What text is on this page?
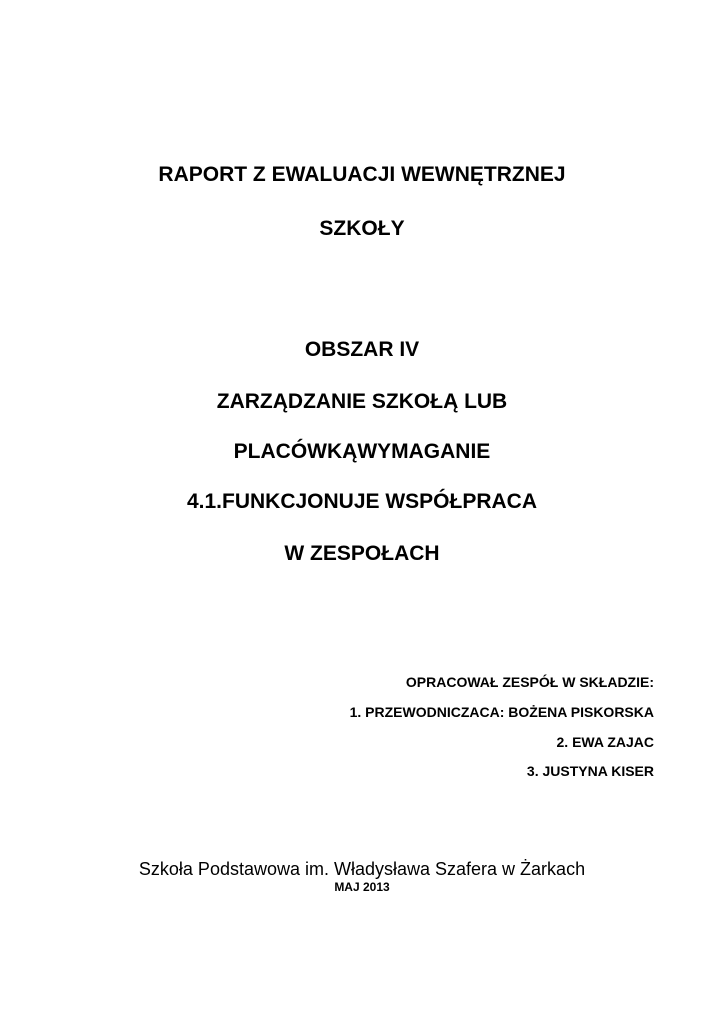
RAPORT Z EWALUACJI WEWNĘTRZNEJ
SZKOŁY
OBSZAR IV
ZARZĄDZANIE SZKOŁĄ LUB
PLACÓWKĄWYMAGANIE
4.1.FUNKCJONUJE WSPÓŁPRACA
W ZESPOŁACH
OPRACOWAŁ ZESPÓŁ W SKŁADZIE:
1. PRZEWODNICZACA: BOŻENA PISKORSKA
2. EWA ZAJAC
3. JUSTYNA KISER
Szkoła Podstawowa im. Władysława Szafera w Żarkach
MAJ 2013
